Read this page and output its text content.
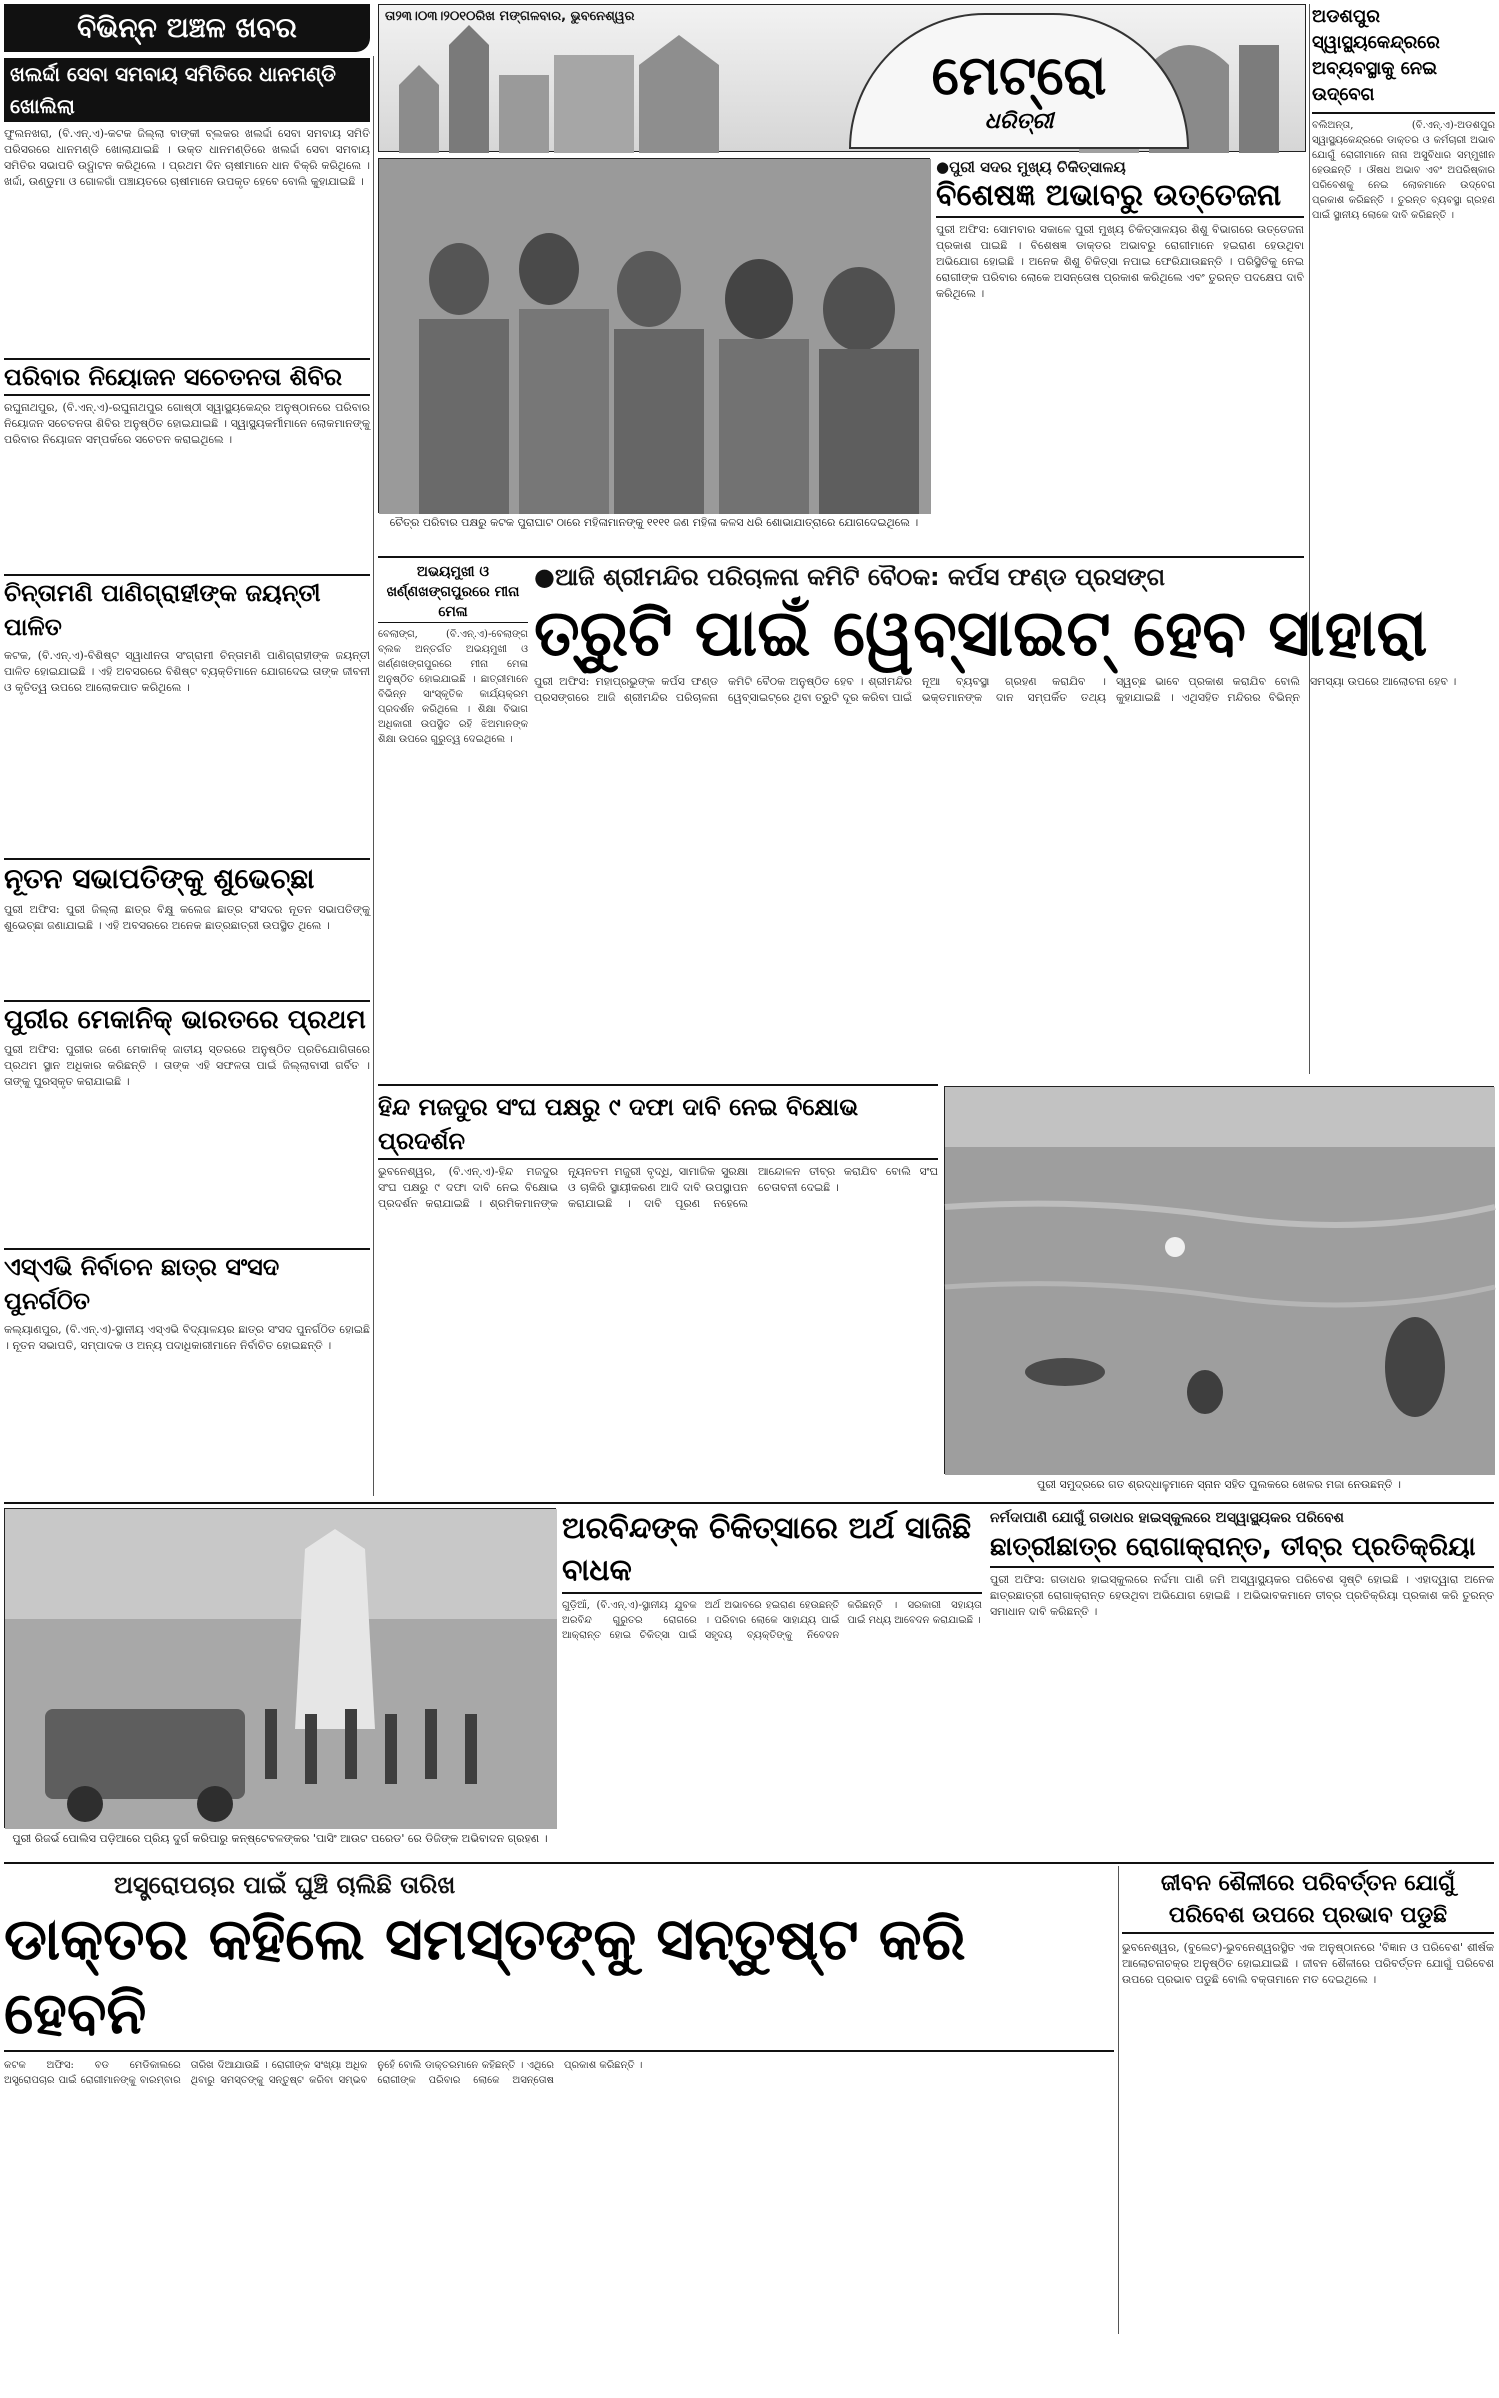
ବିଭିନ୍ନ ଅଞ୍ଚଳ ଖବର	ତା୨୩।୦୩।୨୦୧୦ରିଖ ମଙ୍ଗଳବାର, ଭୁବନେଶ୍ୱର
ମେଟ୍ରୋ
ଧରିତ୍ରୀ
ଖଲର୍ଦ୍ଦା ସେବା ସମବାୟ ସମିତିରେ ଧାନମଣ୍ଡି ଖୋଲିଲା
ଫୁଲନଖରା, (ବି.ଏନ୍.ଏ)-କଟକ ଜିଲ୍ଲା ବାଙ୍କୀ ବ୍ଲକର ଖଲର୍ଦ୍ଦା ସେବା ସମବାୟ ସମିତି ପରିସରରେ ଧାନମଣ୍ଡି ଖୋଲାଯାଇଛି । ଉକ୍ତ ଧାନମଣ୍ଡିରେ ଖଲର୍ଦ୍ଦା ସେବା ସମବାୟ ସମିତିର ସଭାପତି ଉଦ୍ଘାଟନ କରିଥିଲେ । ପ୍ରଥମ ଦିନ ଚାଷୀମାନେ ଧାନ ବିକ୍ରି କରିଥିଲେ । ଖର୍ଦ୍ଦା, ଉଣ୍ଡୁମା ଓ ଗୋଳଗାଁ ପଞ୍ଚାୟତରେ ଚାଷୀମାନେ ଉପକୃତ ହେବେ ବୋଲି କୁହାଯାଇଛି ।
ପରିବାର ନିୟୋଜନ ସଚେତନତା ଶିବିର
ରଘୁନାଥପୁର, (ବି.ଏନ୍.ଏ)-ରଘୁନାଥପୁର ଗୋଷ୍ଠୀ ସ୍ୱାସ୍ଥ୍ୟକେନ୍ଦ୍ର ଅନୁଷ୍ଠାନରେ ପରିବାର ନିୟୋଜନ ସଚେତନତା ଶିବିର ଅନୁଷ୍ଠିତ ହୋଇଯାଇଛି । ସ୍ୱାସ୍ଥ୍ୟକର୍ମୀମାନେ ଲୋକମାନଙ୍କୁ ପରିବାର ନିୟୋଜନ ସମ୍ପର୍କରେ ସଚେତନ କରାଇଥିଲେ ।
ଚିନ୍ତାମଣି ପାଣିଗ୍ରାହୀଙ୍କ ଜୟନ୍ତୀ ପାଳିତ
କଟକ, (ବି.ଏନ୍.ଏ)-ବିଶିଷ୍ଟ ସ୍ୱାଧୀନତା ସଂଗ୍ରାମୀ ଚିନ୍ତାମଣି ପାଣିଗ୍ରାହୀଙ୍କ ଜୟନ୍ତୀ ପାଳିତ ହୋଇଯାଇଛି । ଏହି ଅବସରରେ ବିଶିଷ୍ଟ ବ୍ୟକ୍ତିମାନେ ଯୋଗଦେଇ ତାଙ୍କ ଜୀବନୀ ଓ କୃତିତ୍ୱ ଉପରେ ଆଲୋକପାତ କରିଥିଲେ ।
ନୂତନ ସଭାପତିଙ୍କୁ ଶୁଭେଚ୍ଛା
ପୁରୀ ଅଫିସ: ପୁରୀ ଜିଲ୍ଲା ଛାତ୍ର ବିକ୍ଷୁ କଲେଜ ଛାତ୍ର ସଂସଦର ନୂତନ ସଭାପତିଙ୍କୁ ଶୁଭେଚ୍ଛା ଜଣାଯାଇଛି । ଏହି ଅବସରରେ ଅନେକ ଛାତ୍ରଛାତ୍ରୀ ଉପସ୍ଥିତ ଥିଲେ ।
ପୁରୀର ମେକାନିକ୍ ଭାରତରେ ପ୍ରଥମ
ପୁରୀ ଅଫିସ: ପୁରୀର ଜଣେ ମେକାନିକ୍ ଜାତୀୟ ସ୍ତରରେ ଅନୁଷ୍ଠିତ ପ୍ରତିଯୋଗିତାରେ ପ୍ରଥମ ସ୍ଥାନ ଅଧିକାର କରିଛନ୍ତି । ତାଙ୍କ ଏହି ସଫଳତା ପାଇଁ ଜିଲ୍ଲାବାସୀ ଗର୍ବିତ । ତାଙ୍କୁ ପୁରସ୍କୃତ କରାଯାଇଛି ।
ଏସ୍ଏଭି ନିର୍ବାଚନ ଛାତ୍ର ସଂସଦ ପୁନର୍ଗଠିତ
କଲ୍ୟାଣପୁର, (ବି.ଏନ୍.ଏ)-ସ୍ଥାନୀୟ ଏସ୍ଏଭି ବିଦ୍ୟାଳୟର ଛାତ୍ର ସଂସଦ ପୁନର୍ଗଠିତ ହୋଇଛି । ନୂତନ ସଭାପତି, ସମ୍ପାଦକ ଓ ଅନ୍ୟ ପଦାଧିକାରୀମାନେ ନିର୍ବାଚିତ ହୋଇଛନ୍ତି ।
ଅଡଶପୁର ସ୍ୱାସ୍ଥ୍ୟକେନ୍ଦ୍ରରେ ଅବ୍ୟବସ୍ଥାକୁ ନେଇ ଉଦ୍‌ବେଗ
ବଲିଅନ୍ତା, (ବି.ଏନ୍.ଏ)-ଅଡଶପୁର ସ୍ୱାସ୍ଥ୍ୟକେନ୍ଦ୍ରରେ ଡାକ୍ତର ଓ କର୍ମଚାରୀ ଅଭାବ ଯୋଗୁଁ ରୋଗୀମାନେ ନାନା ଅସୁବିଧାର ସମ୍ମୁଖୀନ ହେଉଛନ୍ତି । ଔଷଧ ଅଭାବ ଏବଂ ଅପରିଷ୍କାର ପରିବେଶକୁ ନେଇ ଲୋକମାନେ ଉଦ୍‌ବେଗ ପ୍ରକାଶ କରିଛନ୍ତି । ତୁରନ୍ତ ବ୍ୟବସ୍ଥା ଗ୍ରହଣ ପାଇଁ ସ୍ଥାନୀୟ ଲୋକେ ଦାବି କରିଛନ୍ତି ।
ଚୈତ୍ର ପରିବାର ପକ୍ଷରୁ କଟକ ପୁରାଘାଟ ଠାରେ ମହିଳାମାନଙ୍କୁ ୧୧୧୧ ଜଣ ମହିଳା କଳସ ଧରି ଶୋଭାଯାତ୍ରାରେ ଯୋଗଦେଇଥିଲେ ।
●ପୁରୀ ସଦର ମୁଖ୍ୟ ଚିକିତ୍ସାଳୟ
ବିଶେଷଜ୍ଞ ଅଭାବରୁ ଉତ୍ତେଜନା
ପୁରୀ ଅଫିସ: ସୋମବାର ସକାଳେ ପୁରୀ ମୁଖ୍ୟ ଚିକିତ୍ସାଳୟର ଶିଶୁ ବିଭାଗରେ ଉତ୍ତେଜନା ପ୍ରକାଶ ପାଇଛି । ବିଶେଷଜ୍ଞ ଡାକ୍ତର ଅଭାବରୁ ରୋଗୀମାନେ ହଇରାଣ ହେଉଥିବା ଅଭିଯୋଗ ହୋଇଛି । ଅନେକ ଶିଶୁ ଚିକିତ୍ସା ନପାଇ ଫେରିଯାଉଛନ୍ତି । ପରିସ୍ଥିତିକୁ ନେଇ ରୋଗୀଙ୍କ ପରିବାର ଲୋକେ ଅସନ୍ତୋଷ ପ୍ରକାଶ କରିଥିଲେ ଏବଂ ତୁରନ୍ତ ପଦକ୍ଷେପ ଦାବି କରିଥିଲେ ।
ଅଭୟମୁଖୀ ଓ ଖର୍ଣ୍ଣଖଙ୍ଗପୁରରେ ମୀନା ମେଳା
ବେଲାଙ୍ଗ, (ବି.ଏନ୍.ଏ)-ବେଲାଙ୍ଗ ବ୍ଲକ ଅନ୍ତର୍ଗତ ଅଭୟମୁଖୀ ଓ ଖର୍ଣ୍ଣଖଙ୍ଗପୁରରେ ମୀନା ମେଳା ଅନୁଷ୍ଠିତ ହୋଇଯାଇଛି । ଛାତ୍ରୀମାନେ ବିଭିନ୍ନ ସାଂସ୍କୃତିକ କାର୍ଯ୍ୟକ୍ରମ ପ୍ରଦର୍ଶନ କରିଥିଲେ । ଶିକ୍ଷା ବିଭାଗ ଅଧିକାରୀ ଉପସ୍ଥିତ ରହି ଝିଅମାନଙ୍କ ଶିକ୍ଷା ଉପରେ ଗୁରୁତ୍ୱ ଦେଇଥିଲେ ।
●ଆଜି ଶ୍ରୀମନ୍ଦିର ପରିଚାଳନା କମିଟି ବୈଠକ: କର୍ପସ ଫଣ୍ଡ ପ୍ରସଙ୍ଗ
ତ୍ରୁଟି ପାଇଁ ୱେବ୍‌ସାଇଟ୍ ହେବ ସାହାରା
ପୁରୀ ଅଫିସ: ମହାପ୍ରଭୁଙ୍କ କର୍ପସ ଫଣ୍ଡ ପ୍ରସଙ୍ଗରେ ଆଜି ଶ୍ରୀମନ୍ଦିର ପରିଚାଳନା କମିଟି ବୈଠକ ଅନୁଷ୍ଠିତ ହେବ । ଶ୍ରୀମନ୍ଦିର ୱେବ୍‌ସାଇଟ୍‌ରେ ଥିବା ତ୍ରୁଟି ଦୂର କରିବା ପାଇଁ ନୂଆ ବ୍ୟବସ୍ଥା ଗ୍ରହଣ କରାଯିବ । ଭକ୍ତମାନଙ୍କ ଦାନ ସମ୍ପର୍କିତ ତଥ୍ୟ ସ୍ୱଚ୍ଛ ଭାବେ ପ୍ରକାଶ କରାଯିବ ବୋଲି କୁହାଯାଇଛି । ଏଥିସହିତ ମନ୍ଦିରର ବିଭିନ୍ନ ସମସ୍ୟା ଉପରେ ଆଲୋଚନା ହେବ ।
ହିନ୍ଦ ମଜଦୁର ସଂଘ ପକ୍ଷରୁ ୯ ଦଫା ଦାବି ନେଇ ବିକ୍ଷୋଭ ପ୍ରଦର୍ଶନ
ଭୁବନେଶ୍ୱର, (ବି.ଏନ୍.ଏ)-ହିନ୍ଦ ମଜଦୁର ସଂଘ ପକ୍ଷରୁ ୯ ଦଫା ଦାବି ନେଇ ବିକ୍ଷୋଭ ପ୍ରଦର୍ଶନ କରାଯାଇଛି । ଶ୍ରମିକମାନଙ୍କ ନ୍ୟୂନତମ ମଜୁରୀ ବୃଦ୍ଧି, ସାମାଜିକ ସୁରକ୍ଷା ଓ ଚାକିରି ସ୍ଥାୟୀକରଣ ଆଦି ଦାବି ଉପସ୍ଥାପନ କରାଯାଇଛି । ଦାବି ପୂରଣ ନହେଲେ ଆନ୍ଦୋଳନ ତୀବ୍ର କରାଯିବ ବୋଲି ସଂଘ ଚେତାବନୀ ଦେଇଛି ।
ପୁରୀ ସମୁଦ୍ରରେ ଗତ ଶ୍ରଦ୍ଧାଳୁମାନେ ସ୍ନାନ ସହିତ ପୁଲକରେ ଖେଳର ମଜା ନେଉଛନ୍ତି ।
ପୁରୀ ରିଜର୍ଭ ପୋଲିସ ପଡ଼ିଆରେ ପ୍ରିୟ ଦୁର୍ଗ କରିପାରୁ କନ୍ଷ୍ଟେବଳଙ୍କର 'ପାସିଂ ଆଉଟ ପରେଡ' ରେ ଡିଜିଙ୍କ ଅଭିବାଦନ ଗ୍ରହଣ ।
ଅରବିନ୍ଦଙ୍କ ଚିକିତ୍ସାରେ ଅର୍ଥ ସାଜିଛି ବାଧକ
ଗୁଡ଼ିଆଁ, (ବି.ଏନ୍.ଏ)-ସ୍ଥାନୀୟ ଯୁବକ ଅରବିନ୍ଦ ଗୁରୁତର ରୋଗରେ ଆକ୍ରାନ୍ତ ହୋଇ ଚିକିତ୍ସା ପାଇଁ ଅର୍ଥ ଅଭାବରେ ହଇରାଣ ହେଉଛନ୍ତି । ପରିବାର ଲୋକେ ସାହାଯ୍ୟ ପାଇଁ ସହୃଦୟ ବ୍ୟକ୍ତିଙ୍କୁ ନିବେଦନ କରିଛନ୍ତି । ସରକାରୀ ସହାୟତା ପାଇଁ ମଧ୍ୟ ଆବେଦନ କରାଯାଇଛି ।
ନର୍ମଦାପାଣି ଯୋଗୁଁ ଗଡାଧର ହାଇସ୍କୁଲରେ ଅସ୍ୱାସ୍ଥ୍ୟକର ପରିବେଶ
ଛାତ୍ରୀଛାତ୍ର ରୋଗାକ୍ରାନ୍ତ, ତୀବ୍ର ପ୍ରତିକ୍ରିୟା
ପୁରୀ ଅଫିସ: ଗଡାଧର ହାଇସ୍କୁଲରେ ନର୍ଦ୍ଦମା ପାଣି ଜମି ଅସ୍ୱାସ୍ଥ୍ୟକର ପରିବେଶ ସୃଷ୍ଟି ହୋଇଛି । ଏହାଦ୍ୱାରା ଅନେକ ଛାତ୍ରଛାତ୍ରୀ ରୋଗାକ୍ରାନ୍ତ ହେଉଥିବା ଅଭିଯୋଗ ହୋଇଛି । ଅଭିଭାବକମାନେ ତୀବ୍ର ପ୍ରତିକ୍ରିୟା ପ୍ରକାଶ କରି ତୁରନ୍ତ ସମାଧାନ ଦାବି କରିଛନ୍ତି ।
ଅସ୍ତ୍ରୋପଚାର ପାଇଁ ଘୁଞ୍ଚି ଚାଲିଛି ତାରିଖ
ଡାକ୍ତର କହିଲେ ସମସ୍ତଙ୍କୁ ସନ୍ତୁଷ୍ଟ କରି ହେବନି
କଟକ ଅଫିସ: ବଡ ମେଡିକାଲରେ ଅସ୍ତ୍ରୋପଚାର ପାଇଁ ରୋଗୀମାନଙ୍କୁ ବାରମ୍ବାର ତାରିଖ ଦିଆଯାଉଛି । ରୋଗୀଙ୍କ ସଂଖ୍ୟା ଅଧିକ ଥିବାରୁ ସମସ୍ତଙ୍କୁ ସନ୍ତୁଷ୍ଟ କରିବା ସମ୍ଭବ ନୁହେଁ ବୋଲି ଡାକ୍ତରମାନେ କହିଛନ୍ତି । ଏଥିରେ ରୋଗୀଙ୍କ ପରିବାର ଲୋକେ ଅସନ୍ତୋଷ ପ୍ରକାଶ କରିଛନ୍ତି ।
ଜୀବନ ଶୈଳୀରେ ପରିବର୍ତ୍ତନ ଯୋଗୁଁ ପରିବେଶ ଉପରେ ପ୍ରଭାବ ପଡୁଛି
ଭୁବନେଶ୍ୱର, (ବୁଲେଟ)-ଭୁବନେଶ୍ୱରସ୍ଥିତ ଏକ ଅନୁଷ୍ଠାନରେ 'ବିଜ୍ଞାନ ଓ ପରିବେଶ' ଶୀର୍ଷକ ଆଲୋଚନାଚକ୍ର ଅନୁଷ୍ଠିତ ହୋଇଯାଇଛି । ଜୀବନ ଶୈଳୀରେ ପରିବର୍ତ୍ତନ ଯୋଗୁଁ ପରିବେଶ ଉପରେ ପ୍ରଭାବ ପଡୁଛି ବୋଲି ବକ୍ତାମାନେ ମତ ଦେଇଥିଲେ ।
